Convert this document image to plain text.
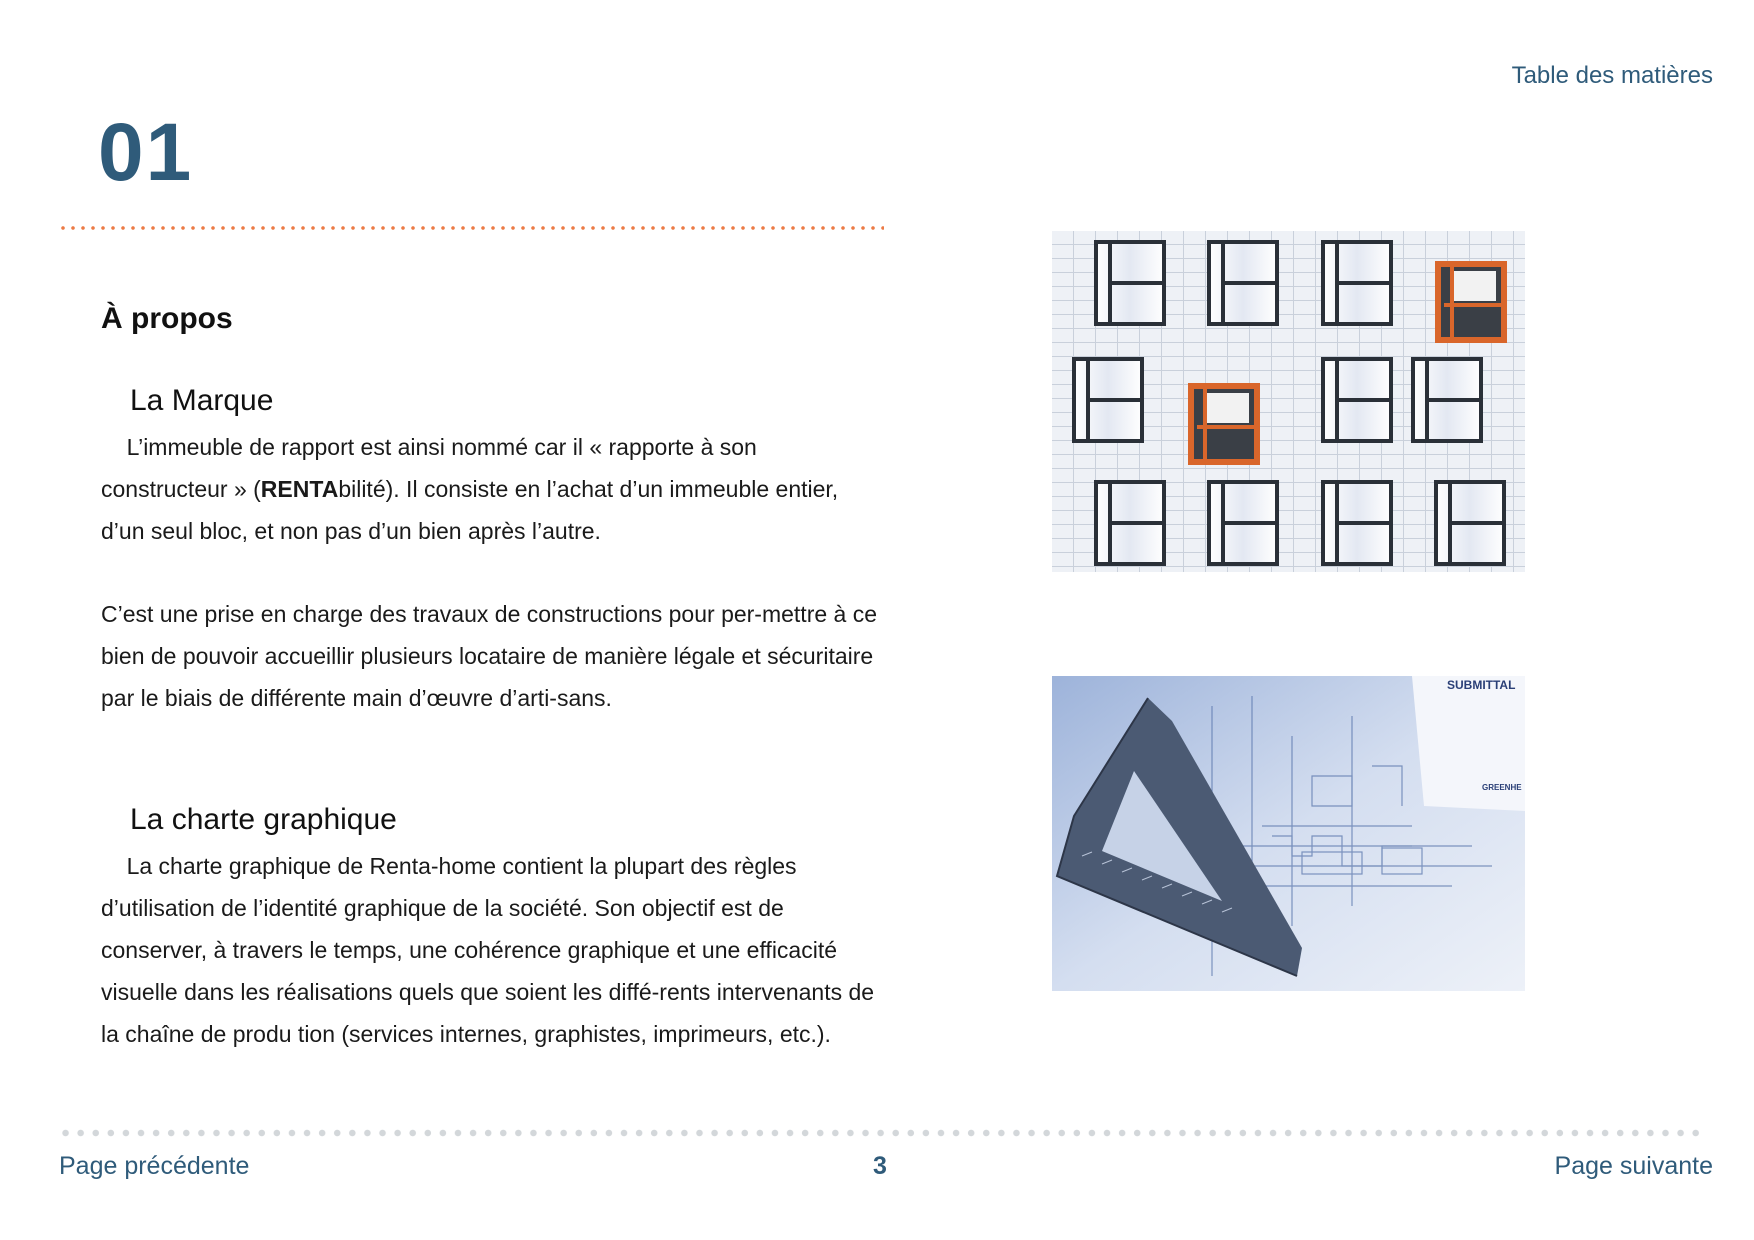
Table des matières
01
À propos
La Marque

L’immeuble de rapport est ainsi nommé car il « rapporte à son constructeur » (RENTAbilité). Il consiste en l’achat d’un immeuble entier, d’un seul bloc, et non pas d’un bien après l’autre.

C’est une prise en charge des travaux de constructions pour per-mettre à ce bien de pouvoir accueillir plusieurs locataire de manière légale et sécuritaire par le biais de différente main d’œuvre d’arti-sans.

La charte graphique

La charte graphique de Renta-home contient la plupart des règles d’utilisation de l’identité graphique de la société. Son objectif est de conserver, à travers le temps, une cohérence graphique et une efficacité visuelle dans les réalisations quels que soient les diffé-rents intervenants de la chaîne de produ tion (services internes, graphistes, imprimeurs, etc.).

SUBMITTAL
GREENHE
Page précédente	3	Page suivante
